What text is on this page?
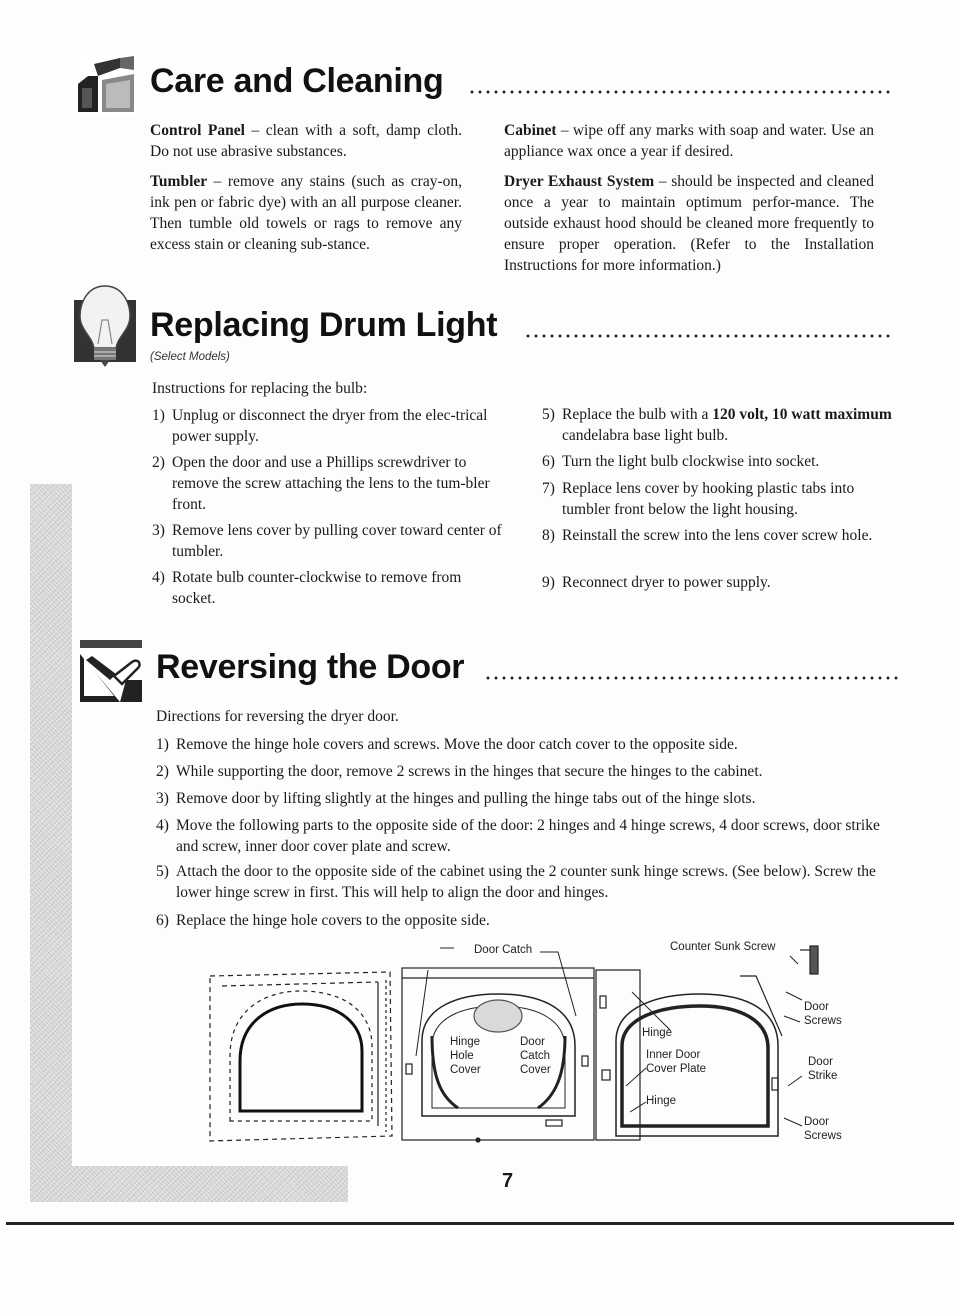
Care and Cleaning
Control Panel – clean with a soft, damp cloth. Do not use abrasive substances.
Tumbler – remove any stains (such as cray-on, ink pen or fabric dye) with an all purpose cleaner. Then tumble old towels or rags to remove any excess stain or cleaning sub-stance.
Cabinet – wipe off any marks with soap and water. Use an appliance wax once a year if desired.
Dryer Exhaust System – should be inspected and cleaned once a year to maintain optimum perfor-mance. The outside exhaust hood should be cleaned more frequently to ensure proper operation. (Refer to the Installation Instructions for more information.)
Replacing Drum Light
(Select Models)
Instructions for replacing the bulb:
1) Unplug or disconnect the dryer from the elec-trical power supply.
2) Open the door and use a Phillips screwdriver to remove the screw attaching the lens to the tum-bler front.
3) Remove lens cover by pulling cover toward center of tumbler.
4) Rotate bulb counter-clockwise to remove from socket.
5) Replace the bulb with a 120 volt, 10 watt maximum candelabra base light bulb.
6) Turn the light bulb clockwise into socket.
7) Replace lens cover by hooking plastic tabs into tumbler front below the light housing.
8) Reinstall the screw into the lens cover screw hole.
9) Reconnect dryer to power supply.
Reversing the Door
Directions for reversing the dryer door.
1) Remove the hinge hole covers and screws. Move the door catch cover to the opposite side.
2) While supporting the door, remove 2 screws in the hinges that secure the hinges to the cabinet.
3) Remove door by lifting slightly at the hinges and pulling the hinge tabs out of the hinge slots.
4) Move the following parts to the opposite side of the door: 2 hinges and 4 hinge screws, 4 door screws, door strike and screw, inner door cover plate and screw.
5) Attach the door to the opposite side of the cabinet using the 2 counter sunk hinge screws. (See below). Screw the lower hinge screw in first. This will help to align the door and hinges.
6) Replace the hinge hole covers to the opposite side.
Door Catch	Counter Sunk Screw
Hinge
Hole
Cover
Door
Catch
Cover
Hinge
Inner Door
Cover Plate
Hinge
Door
Screws
Door
Strike
Door
Screws
7
